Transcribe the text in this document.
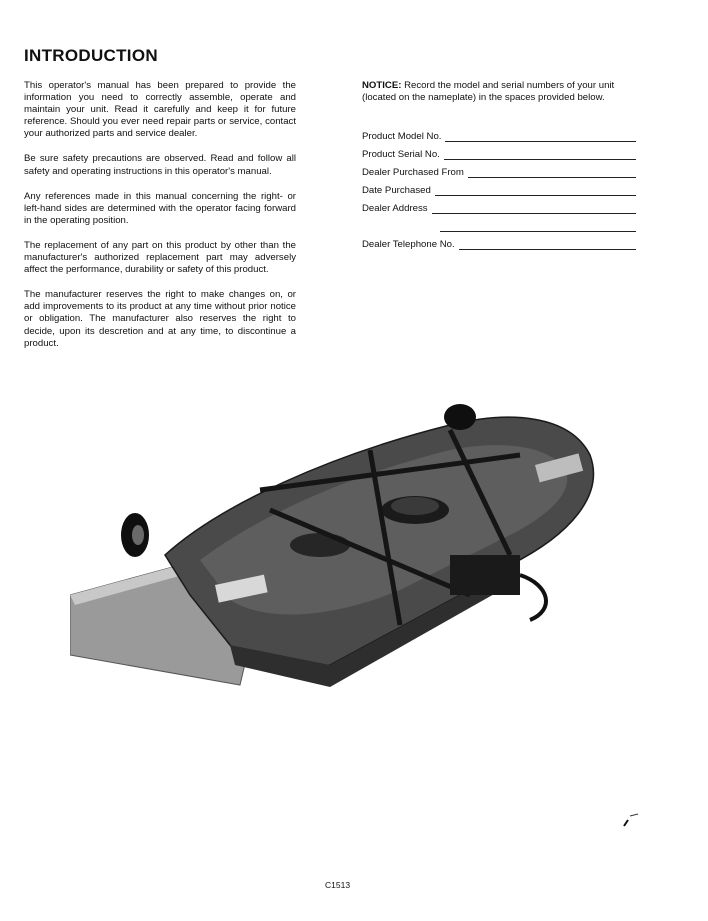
INTRODUCTION

This operator's manual has been prepared to provide the information you need to correctly assemble, operate and maintain your unit. Read it carefully and keep it for future reference. Should you ever need repair parts or service, contact your authorized parts and service dealer.

Be sure safety precautions are observed. Read and follow all safety and operating instructions in this operator's manual.

Any references made in this manual concerning the right- or left-hand sides are determined with the operator facing forward in the operating position.

The replacement of any part on this product by other than the manufacturer's authorized replacement part may adversely affect the performance, durability or safety of this product.

The manufacturer reserves the right to make changes on, or add improvements to its product at any time without prior notice or obligation. The manufacturer also reserves the right to decide, upon its descretion and at any time, to discontinue a product.

NOTICE: Record the model and serial numbers of your unit (located on the nameplate) in the spaces provided below.

Product Model No.
Product Serial No.
Dealer Purchased From
Date Purchased
Dealer Address
Dealer Telephone No.
C1513
